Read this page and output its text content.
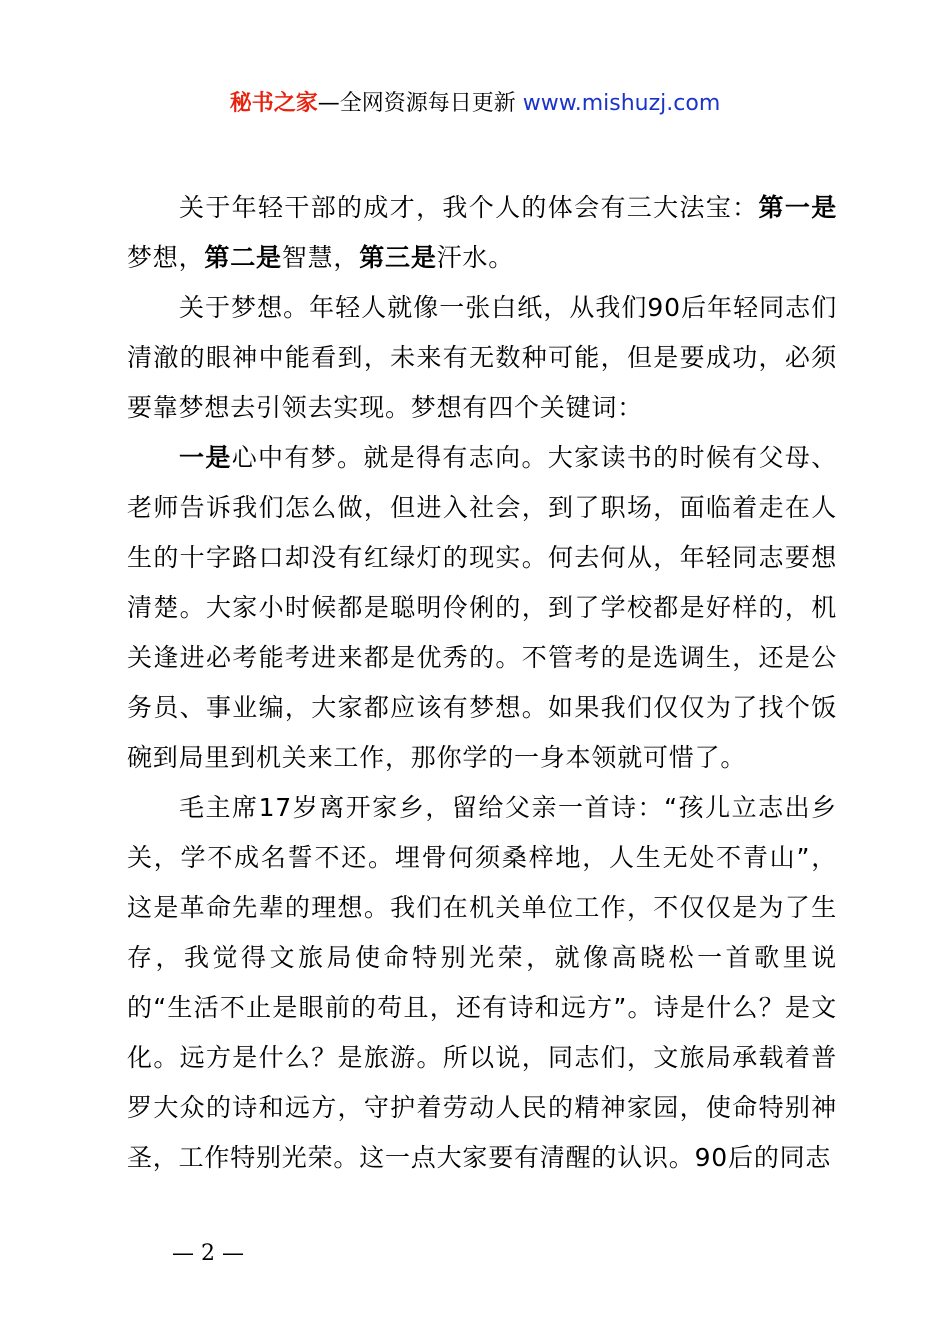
秘书之家—全网资源每日更新 www.mishuzj.com

关于年轻干部的成才，我个人的体会有三大法宝：第一是梦想，第二是智慧，第三是汗水。

关于梦想。年轻人就像一张白纸，从我们90后年轻同志们清澈的眼神中能看到，未来有无数种可能，但是要成功，必须要靠梦想去引领去实现。梦想有四个关键词：

一是心中有梦。就是得有志向。大家读书的时候有父母、老师告诉我们怎么做，但进入社会，到了职场，面临着走在人生的十字路口却没有红绿灯的现实。何去何从，年轻同志要想清楚。大家小时候都是聪明伶俐的，到了学校都是好样的，机关逢进必考能考进来都是优秀的。不管考的是选调生，还是公务员、事业编，大家都应该有梦想。如果我们仅仅为了找个饭碗到局里到机关来工作，那你学的一身本领就可惜了。

毛主席17岁离开家乡，留给父亲一首诗：“孩儿立志出乡关，学不成名誓不还。埋骨何须桑梓地，人生无处不青山”，这是革命先辈的理想。我们在机关单位工作，不仅仅是为了生存，我觉得文旅局使命特别光荣，就像高晓松一首歌里说的“生活不止是眼前的苟且，还有诗和远方”。诗是什么？是文化。远方是什么？是旅游。所以说，同志们，文旅局承载着普罗大众的诗和远方，守护着劳动人民的精神家园，使命特别神圣，工作特别光荣。这一点大家要有清醒的认识。90后的同志

— 2 —
